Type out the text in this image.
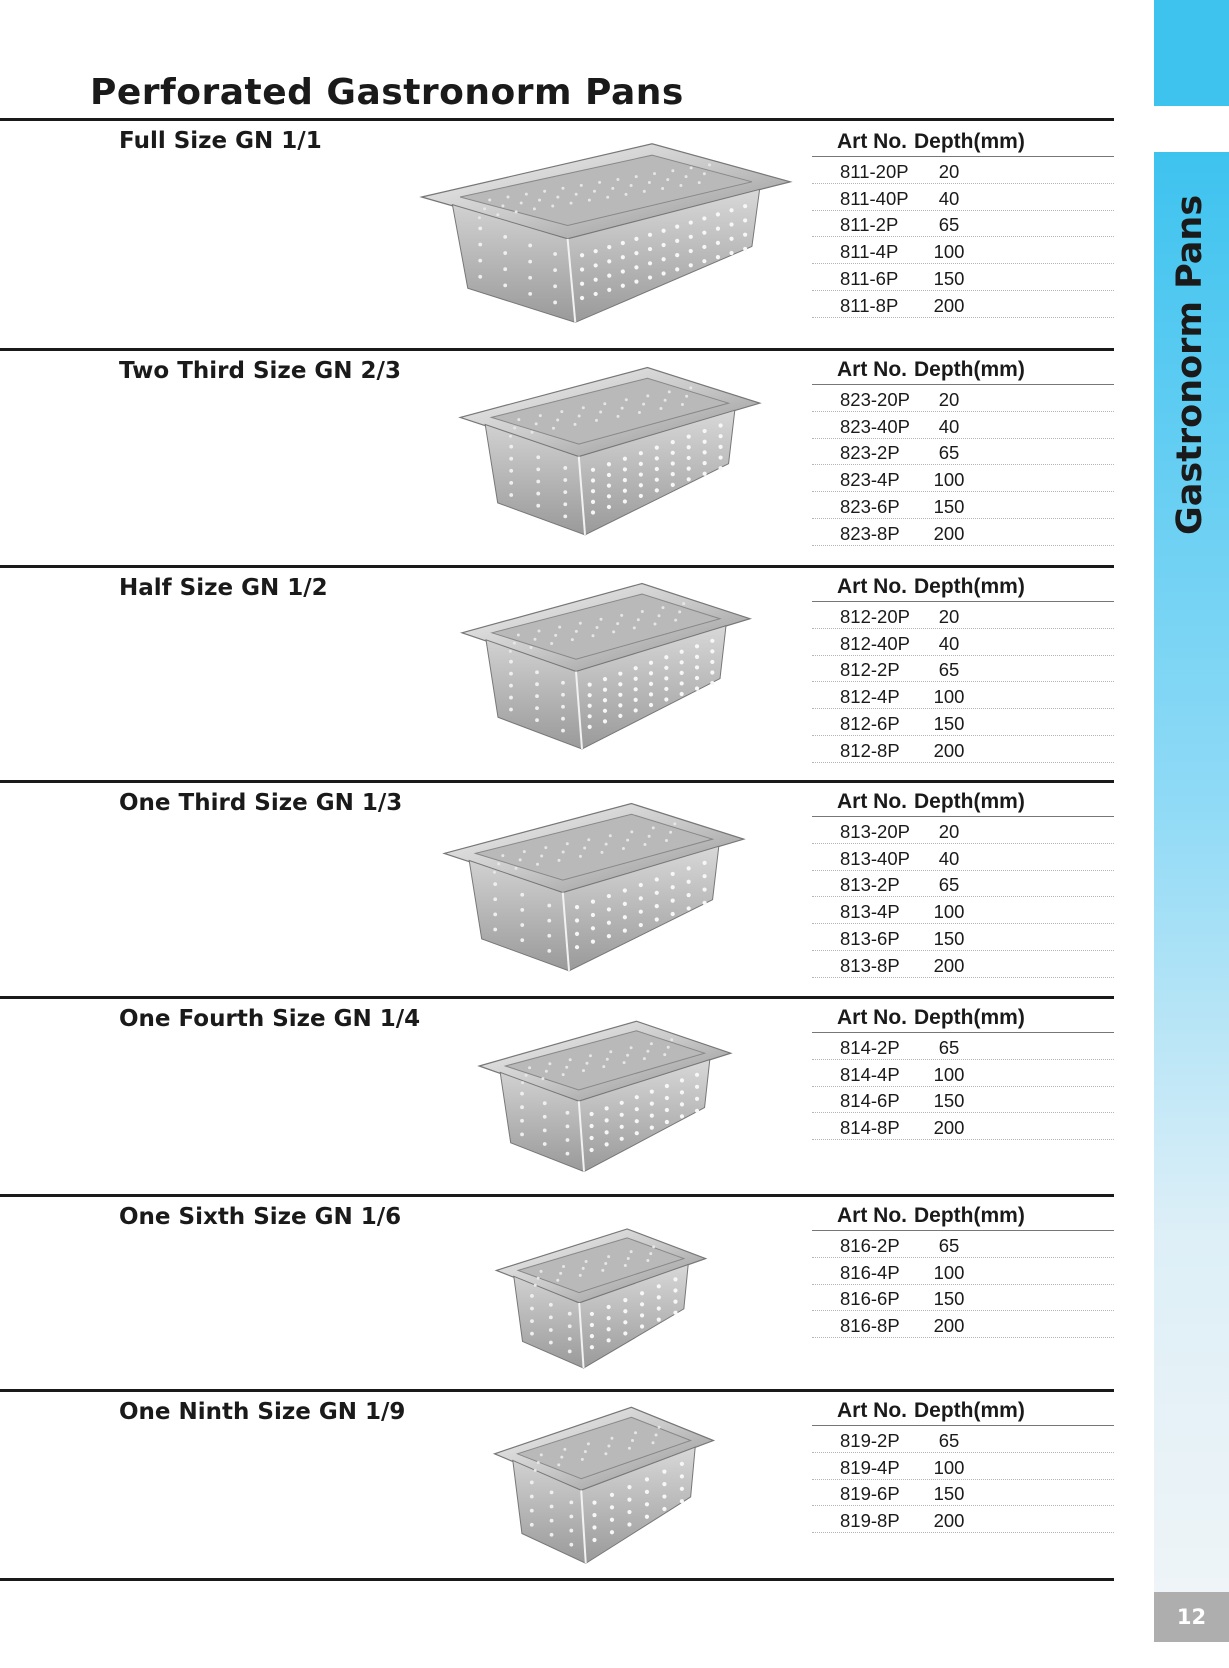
Perforated Gastronorm Pans
Gastronorm Pans
12
Full Size GN 1/1	Art No. Depth(mm)
811-20P	20
811-40P	40
811-2P	65
811-4P	100
811-6P	150
811-8P	200
Two Third Size GN 2/3	Art No. Depth(mm)
823-20P	20
823-40P	40
823-2P	65
823-4P	100
823-6P	150
823-8P	200
Half Size GN 1/2	Art No. Depth(mm)
812-20P	20
812-40P	40
812-2P	65
812-4P	100
812-6P	150
812-8P	200
One Third Size GN 1/3	Art No. Depth(mm)
813-20P	20
813-40P	40
813-2P	65
813-4P	100
813-6P	150
813-8P	200
One Fourth Size GN 1/4	Art No. Depth(mm)
814-2P	65
814-4P	100
814-6P	150
814-8P	200
One Sixth Size GN 1/6	Art No. Depth(mm)
816-2P	65
816-4P	100
816-6P	150
816-8P	200
One Ninth Size GN 1/9	Art No. Depth(mm)
819-2P	65
819-4P	100
819-6P	150
819-8P	200
